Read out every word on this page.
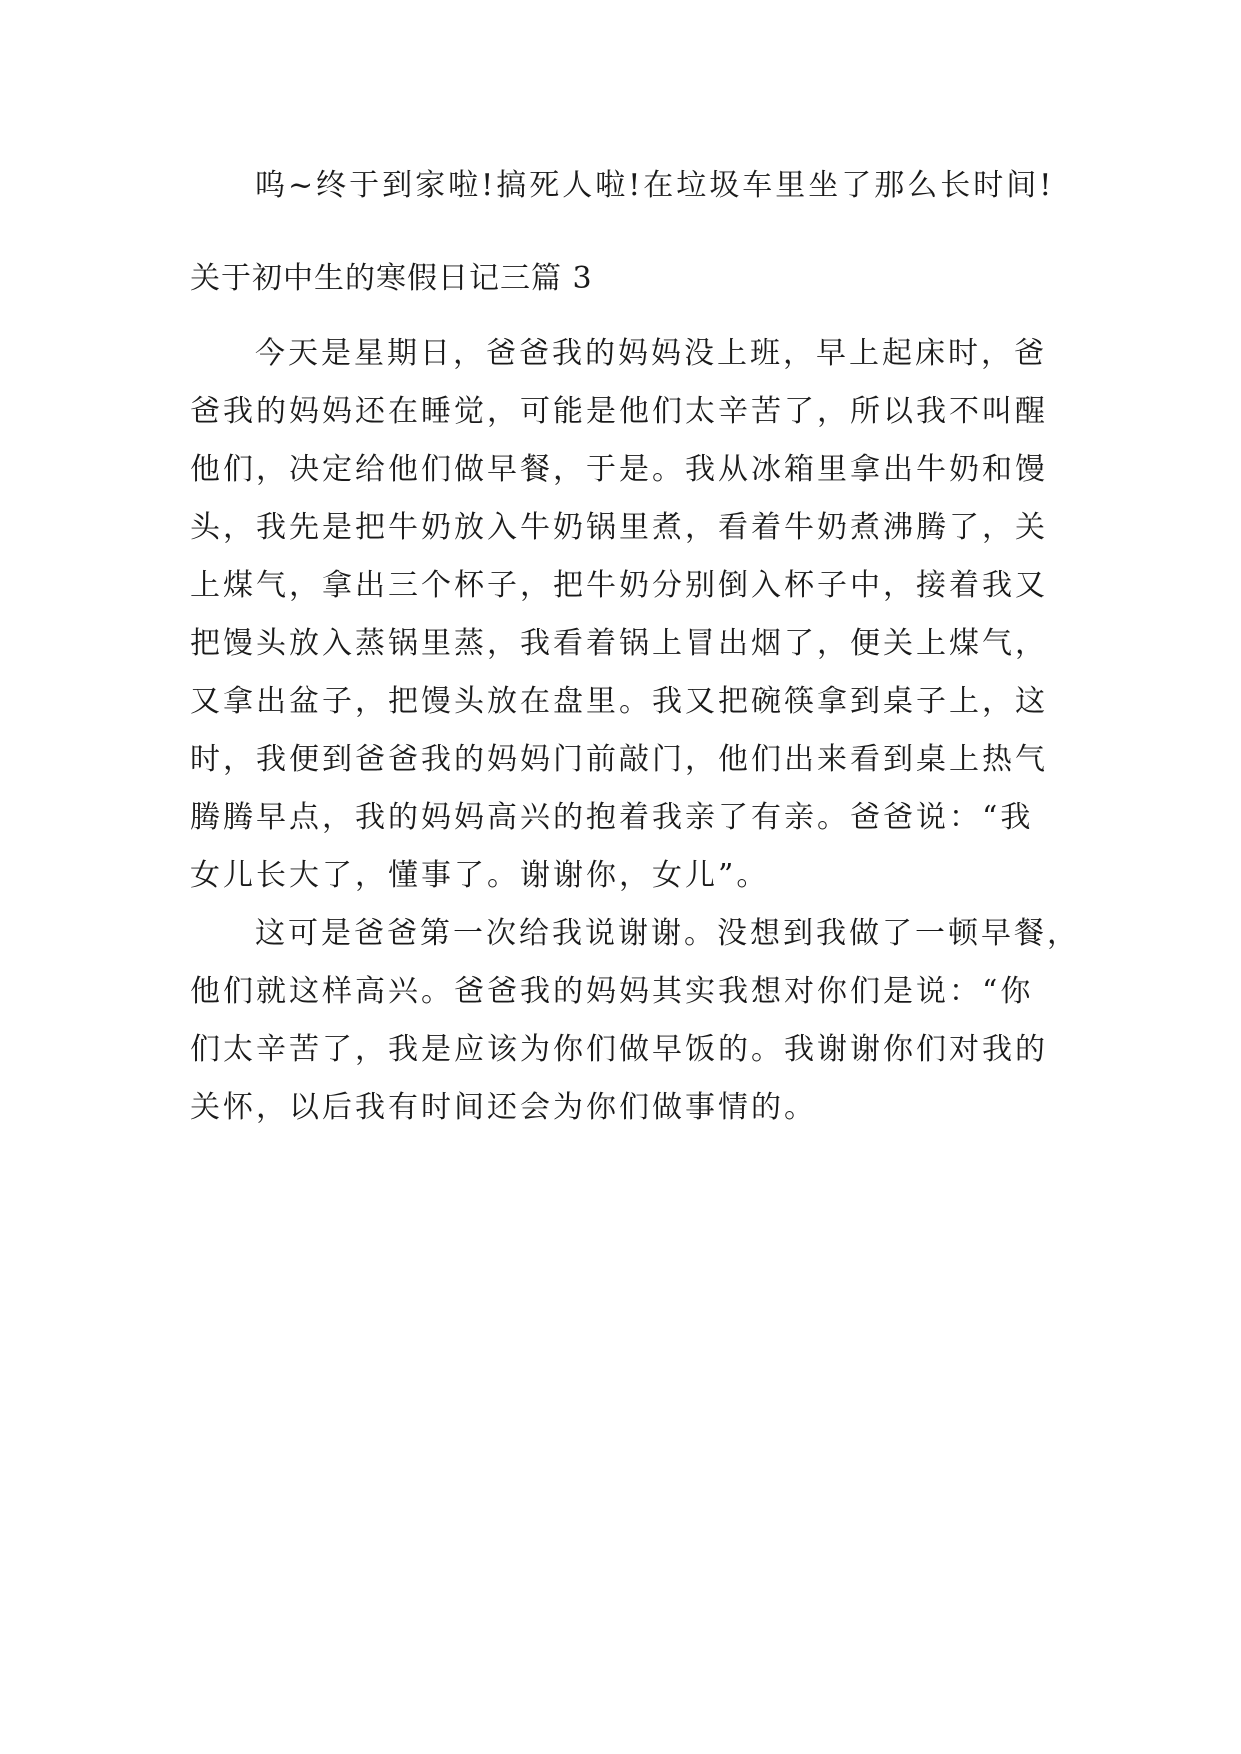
呜~终于到家啦!搞死人啦!在垃圾车里坐了那么长时间!
关于初中生的寒假日记三篇 3
今天是星期日，爸爸我的妈妈没上班，早上起床时，爸
爸我的妈妈还在睡觉，可能是他们太辛苦了，所以我不叫醒
他们，决定给他们做早餐，于是。我从冰箱里拿出牛奶和馒
头，我先是把牛奶放入牛奶锅里煮，看着牛奶煮沸腾了，关
上煤气，拿出三个杯子，把牛奶分别倒入杯子中，接着我又
把馒头放入蒸锅里蒸，我看着锅上冒出烟了，便关上煤气，
又拿出盆子，把馒头放在盘里。我又把碗筷拿到桌子上，这
时，我便到爸爸我的妈妈门前敲门，他们出来看到桌上热气
腾腾早点，我的妈妈高兴的抱着我亲了有亲。爸爸说：“我
女儿长大了，懂事了。谢谢你，女儿”。
这可是爸爸第一次给我说谢谢。没想到我做了一顿早餐，
他们就这样高兴。爸爸我的妈妈其实我想对你们是说：“你
们太辛苦了，我是应该为你们做早饭的。我谢谢你们对我的
关怀，以后我有时间还会为你们做事情的。
